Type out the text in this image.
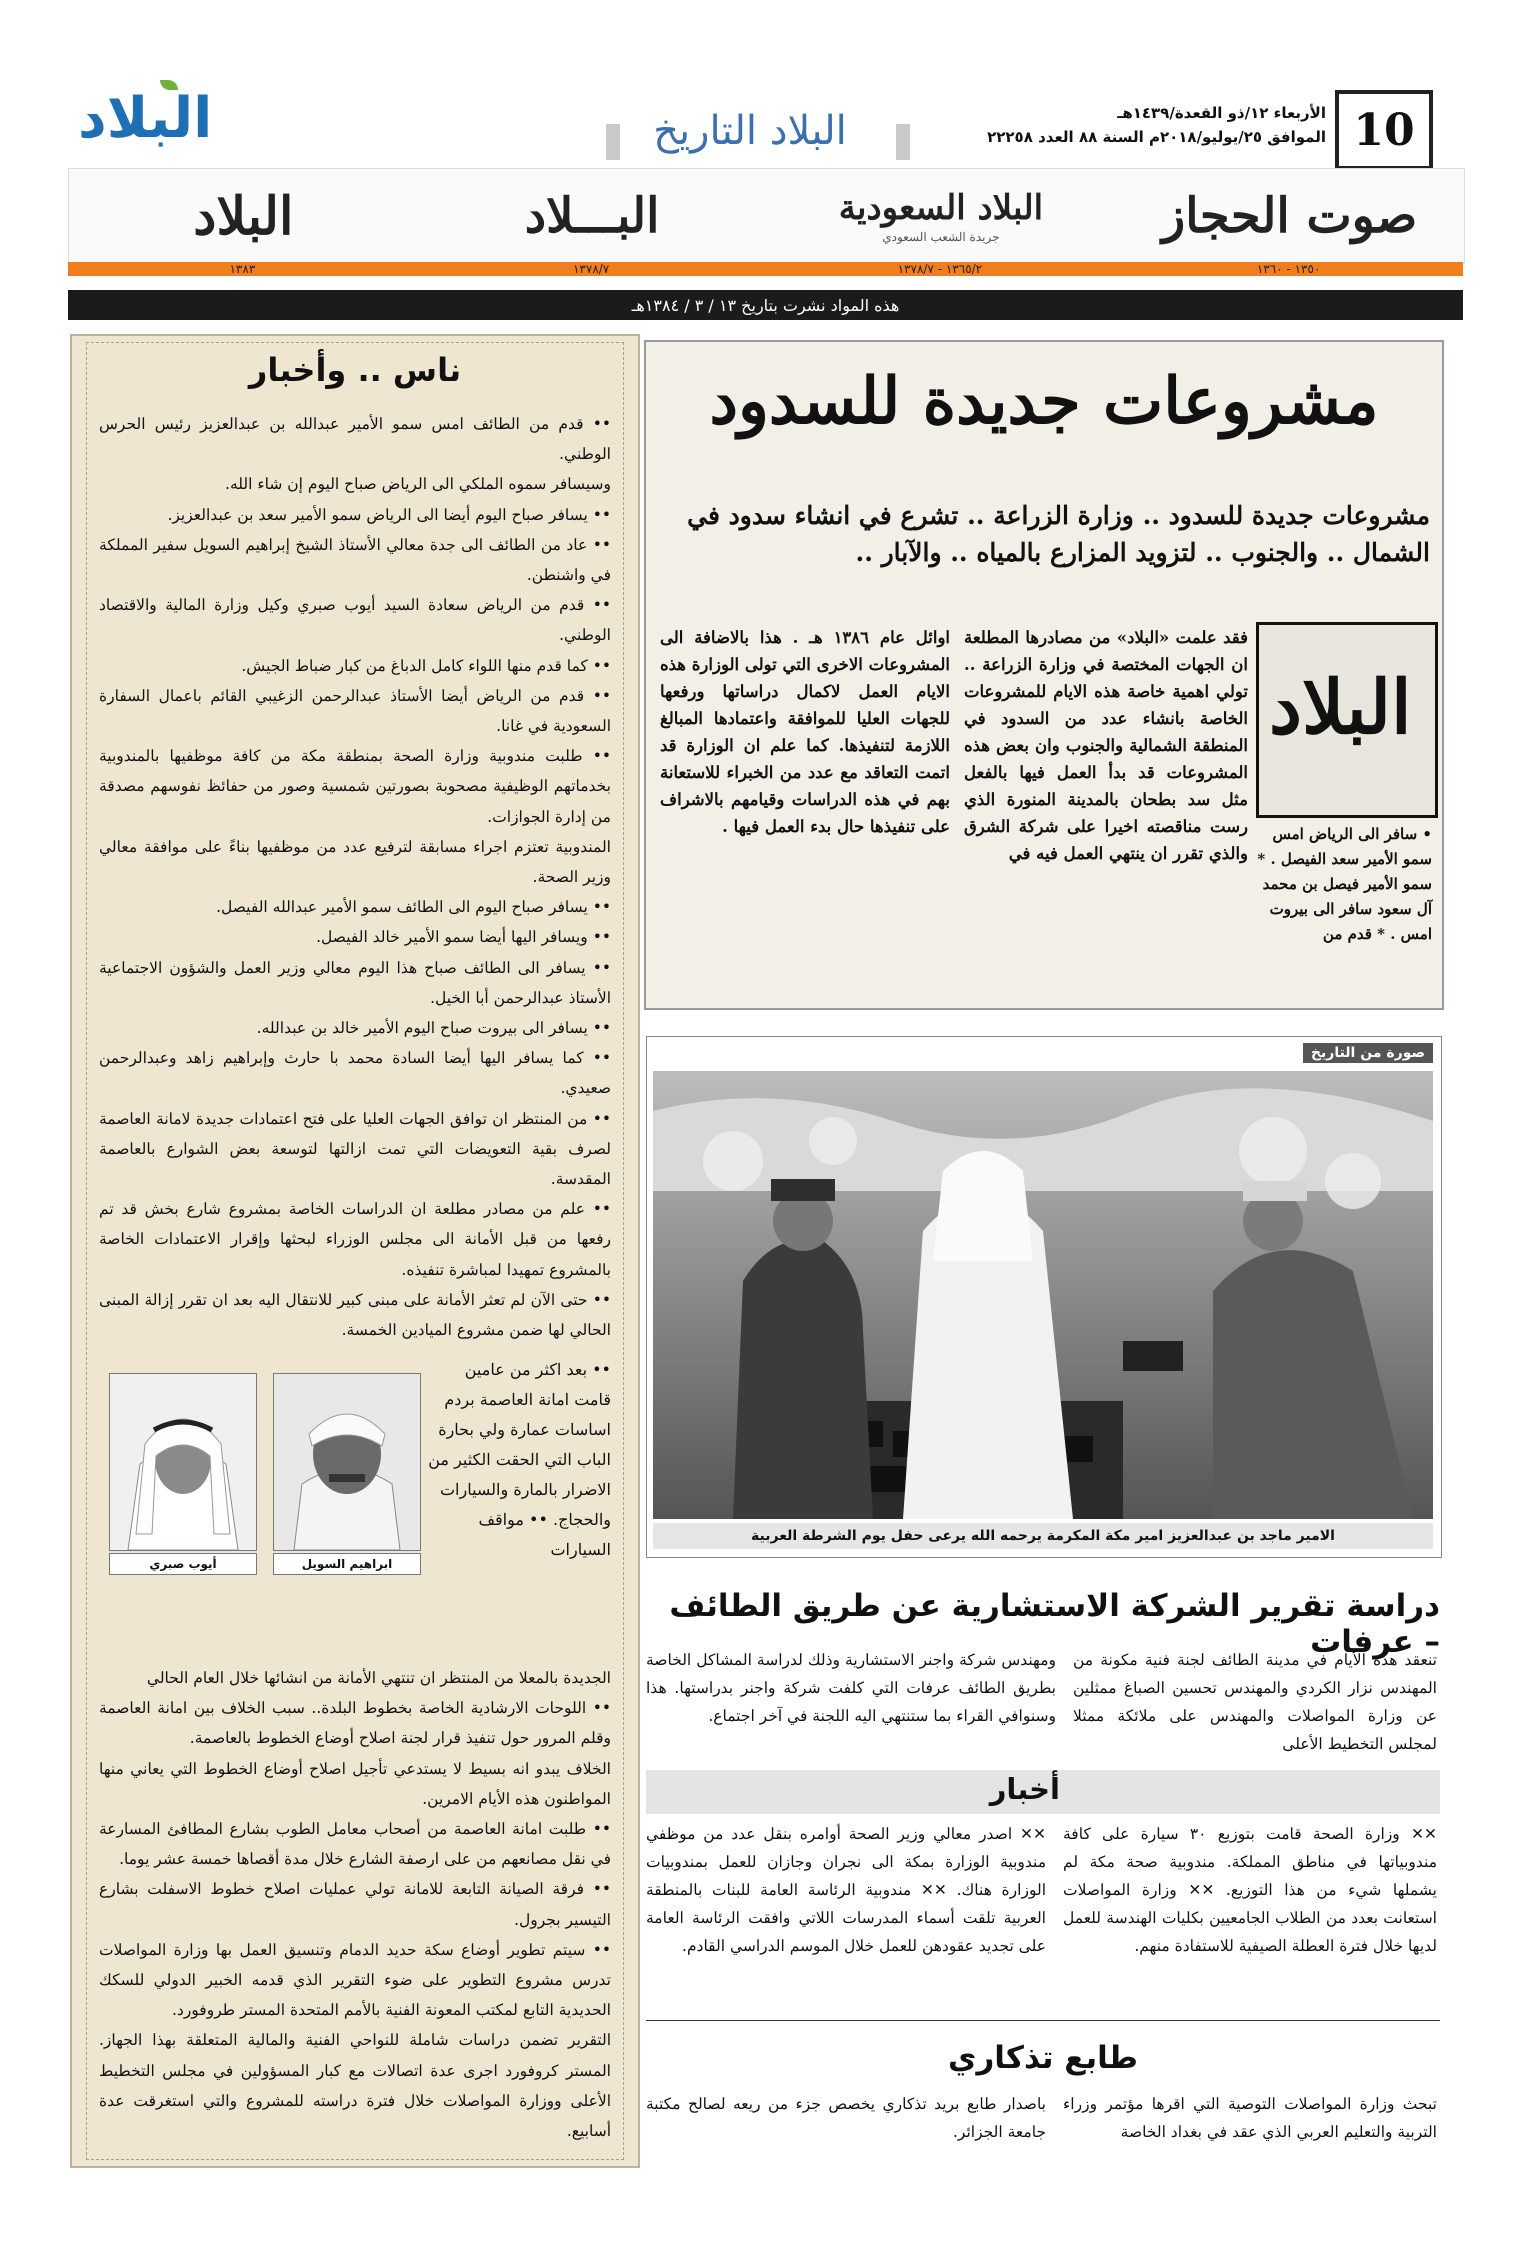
10
الأربعاء ١٢/ذو القعدة/١٤٣٩هـ
الموافق ٢٥/يوليو/٢٠١٨م السنة ٨٨ العدد ٢٢٢٥٨
البلاد	البلاد التاريخ
صوت الحجاز
البلاد السعودية
جريدة الشعب السعودي
البـــلاد
البلاد
١٣٥٠ - ١٣٦٠
١٣٦٥/٢ - ١٣٧٨/٧
١٣٧٨/٧
١٣٨٣
هذه المواد نشرت بتاريخ ١٣ / ٣ / ١٣٨٤هـ
ناس .. وأخبار

•• قدم من الطائف امس سمو الأمير عبدالله بن عبدالعزيز رئيس الحرس الوطني.

وسيسافر سموه الملكي الى الرياض صباح اليوم إن شاء الله.

•• يسافر صباح اليوم أيضا الى الرياض سمو الأمير سعد بن عبدالعزيز.

•• عاد من الطائف الى جدة معالي الأستاذ الشيخ إبراهيم السويل سفير المملكة في واشنطن.

•• قدم من الرياض سعادة السيد أيوب صبري وكيل وزارة المالية والاقتصاد الوطني.

•• كما قدم منها اللواء كامل الدباغ من كبار ضباط الجيش.

•• قدم من الرياض أيضا الأستاذ عبدالرحمن الزغيبي القائم باعمال السفارة السعودية في غانا.

•• طلبت مندوبية وزارة الصحة بمنطقة مكة من كافة موظفيها بالمندوبية بخدماتهم الوظيفية مصحوبة بصورتين شمسية وصور من حفائظ نفوسهم مصدقة من إدارة الجوازات.

المندوبية تعتزم اجراء مسابقة لترفيع عدد من موظفيها بناءً على موافقة معالي وزير الصحة.

•• يسافر صباح اليوم الى الطائف سمو الأمير عبدالله الفيصل.

•• ويسافر اليها أيضا سمو الأمير خالد الفيصل.

•• يسافر الى الطائف صباح هذا اليوم معالي وزير العمل والشؤون الاجتماعية الأستاذ عبدالرحمن أبا الخيل.

•• يسافر الى بيروت صباح اليوم الأمير خالد بن عبدالله.

•• كما يسافر اليها أيضا السادة محمد با حارث وإبراهيم زاهد وعبدالرحمن صعيدي.

•• من المنتظر ان توافق الجهات العليا على فتح اعتمادات جديدة لامانة العاصمة لصرف بقية التعويضات التي تمت ازالتها لتوسعة بعض الشوارع بالعاصمة المقدسة.

•• علم من مصادر مطلعة ان الدراسات الخاصة بمشروع شارع بخش قد تم رفعها من قبل الأمانة الى مجلس الوزراء لبحثها وإقرار الاعتمادات الخاصة بالمشروع تمهيدا لمباشرة تنفيذه.

•• حتى الآن لم تعثر الأمانة على مبنى كبير للانتقال اليه بعد ان تقرر إزالة المبنى الحالي لها ضمن مشروع الميادين الخمسة.

•• بعد اكثر من عامين قامت امانة العاصمة بردم اساسات عمارة ولي بحارة الباب التي الحقت الكثير من الاضرار بالمارة والسيارات والحجاج. •• مواقف السيارات
ابراهيم السويل
أيوب صبري

الجديدة بالمعلا من المنتظر ان تنتهي الأمانة من انشائها خلال العام الحالي

•• اللوحات الارشادية الخاصة بخطوط البلدة.. سبب الخلاف بين امانة العاصمة وقلم المرور حول تنفيذ قرار لجنة اصلاح أوضاع الخطوط بالعاصمة.

الخلاف يبدو انه بسيط لا يستدعي تأجيل اصلاح أوضاع الخطوط التي يعاني منها المواطنون هذه الأيام الامرين.

•• طلبت امانة العاصمة من أصحاب معامل الطوب بشارع المطافئ المسارعة في نقل مصانعهم من على ارصفة الشارع خلال مدة أقصاها خمسة عشر يوما.

•• فرقة الصيانة التابعة للامانة تولي عمليات اصلاح خطوط الاسفلت بشارع التيسير بجرول.

•• سيتم تطوير أوضاع سكة حديد الدمام وتنسيق العمل بها وزارة المواصلات تدرس مشروع التطوير على ضوء التقرير الذي قدمه الخبير الدولي للسكك الحديدية التابع لمكتب المعونة الفنية بالأمم المتحدة المستر طروفورد.

التقرير تضمن دراسات شاملة للنواحي الفنية والمالية المتعلقة بهذا الجهاز. المستر كروفورد اجرى عدة اتصالات مع كبار المسؤولين في مجلس التخطيط الأعلى ووزارة المواصلات خلال فترة دراسته للمشروع والتي استغرقت عدة أسابيع.

مشروعات جديدة للسدود
مشروعات جديدة للسدود .. وزارة الزراعة .. تشرع في انشاء سدود في الشمال .. والجنوب .. لتزويد المزارع بالمياه .. والآبار ..
فقد علمت «البلاد» من مصادرها المطلعة ان الجهات المختصة في وزارة الزراعة .. تولي اهمية خاصة هذه الايام للمشروعات الخاصة بانشاء عدد من السدود في المنطقة الشمالية والجنوب وان بعض هذه المشروعات قد بدأ العمل فيها بالفعل مثل سد بطحان بالمدينة المنورة الذي رست مناقصته اخيرا على شركة الشرق والذي تقرر ان ينتهي العمل فيه في
اوائل عام ١٣٨٦ هـ . هذا بالاضافة الى المشروعات الاخرى التي تولى الوزارة هذه الايام العمل لاكمال دراساتها ورفعها للجهات العليا للموافقة واعتمادها المبالغ اللازمة لتنفيذها. كما علم ان الوزارة قد اتمت التعاقد مع عدد من الخبراء للاستعانة بهم في هذه الدراسات وقيامهم بالاشراف على تنفيذها حال بدء العمل فيها .
البلاد
• سافر الى الرياض امس سمو الأمير سعد الفيصل . * سمو الأمير فيصل بن محمد آل سعود سافر الى بيروت امس . * قدم من
صورة من التاريخ
الامير ماجد بن عبدالعزيز امير مكة المكرمة يرحمه الله يرعى حفل يوم الشرطة العربية
دراسة تقرير الشركة الاستشارية عن طريق الطائف – عرفات
تنعقد هذه الأيام في مدينة الطائف لجنة فنية مكونة من المهندس نزار الكردي والمهندس تحسين الصباغ ممثلين عن وزارة المواصلات والمهندس على ملائكة ممثلا لمجلس التخطيط الأعلى
ومهندس شركة واجنر الاستشارية وذلك لدراسة المشاكل الخاصة بطريق الطائف عرفات التي كلفت شركة واجنر بدراستها. هذا وسنوافي القراء بما ستنتهي اليه اللجنة في آخر اجتماع.
أخبار
✕✕ وزارة الصحة قامت بتوزيع ٣٠ سيارة على كافة مندوبياتها في مناطق المملكة. مندوبية صحة مكة لم يشملها شيء من هذا التوزيع. ✕✕ وزارة المواصلات استعانت بعدد من الطلاب الجامعيين بكليات الهندسة للعمل لديها خلال فترة العطلة الصيفية للاستفادة منهم.
✕✕ اصدر معالي وزير الصحة أوامره بنقل عدد من موظفي مندوبية الوزارة بمكة الى نجران وجازان للعمل بمندوبيات الوزارة هناك. ✕✕ مندوبية الرئاسة العامة للبنات بالمنطقة العربية تلقت أسماء المدرسات اللاتي وافقت الرئاسة العامة على تجديد عقودهن للعمل خلال الموسم الدراسي القادم.
طابع تذكاري
تبحث وزارة المواصلات التوصية التي اقرها مؤتمر وزراء التربية والتعليم العربي الذي عقد في بغداد الخاصة
باصدار طابع بريد تذكاري يخصص جزء من ريعه لصالح مكتبة جامعة الجزائر.
